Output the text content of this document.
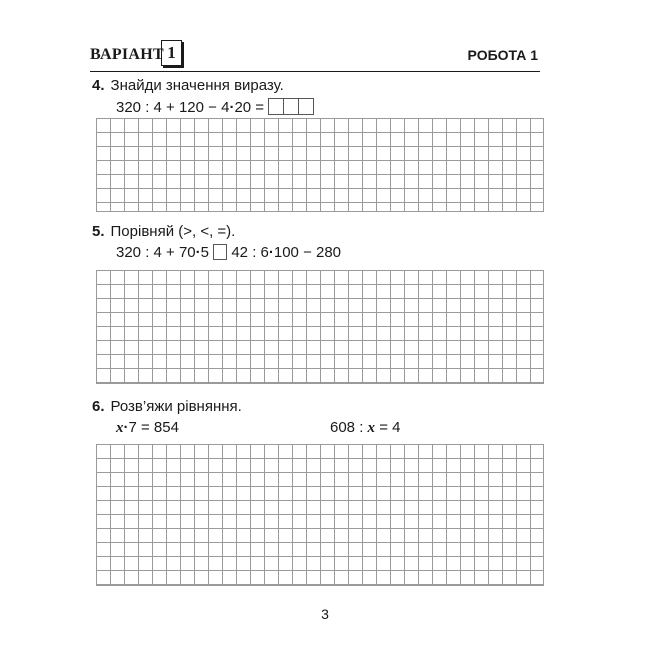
ВАРІАНТ 1	РОБОТА 1
4. Знайди значення виразу.
320 : 4 + 120 − 4·20 =
5. Порівняй (>, <, =).
320 : 4 + 70·5 42 : 6·100 − 280
6. Розв’яжи рівняння.
x·7 = 854	608 : x = 4
3
